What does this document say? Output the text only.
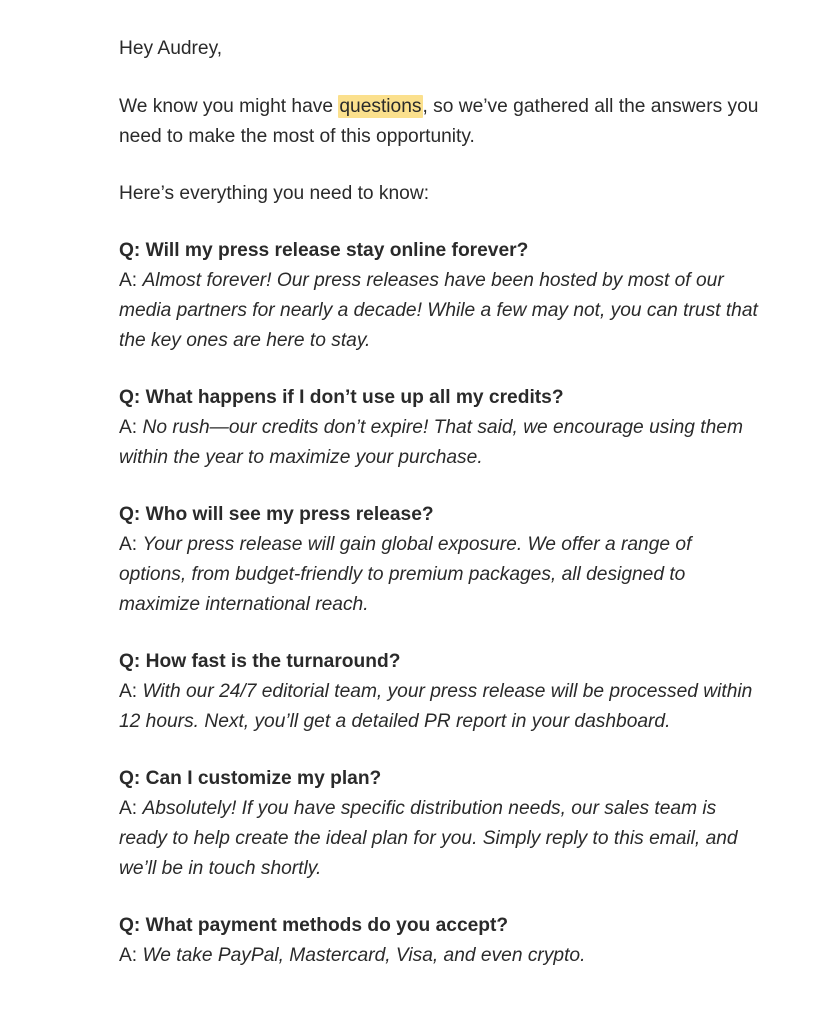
Hey Audrey,

We know you might have questions, so we’ve gathered all the answers you need to make the most of this opportunity.

Here’s everything you need to know:

Q: Will my press release stay online forever?

A: Almost forever! Our press releases have been hosted by most of our media partners for nearly a decade! While a few may not, you can trust that the key ones are here to stay.

Q: What happens if I don’t use up all my credits?

A: No rush—our credits don’t expire! That said, we encourage using them within the year to maximize your purchase.

Q: Who will see my press release?

A: Your press release will gain global exposure. We offer a range of options, from budget-friendly to premium packages, all designed to maximize international reach.

Q: How fast is the turnaround?

A: With our 24/7 editorial team, your press release will be processed within 12 hours. Next, you’ll get a detailed PR report in your dashboard.

Q: Can I customize my plan?

A: Absolutely! If you have specific distribution needs, our sales team is ready to help create the ideal plan for you. Simply reply to this email, and we’ll be in touch shortly.

Q: What payment methods do you accept?

A: We take PayPal, Mastercard, Visa, and even crypto.
